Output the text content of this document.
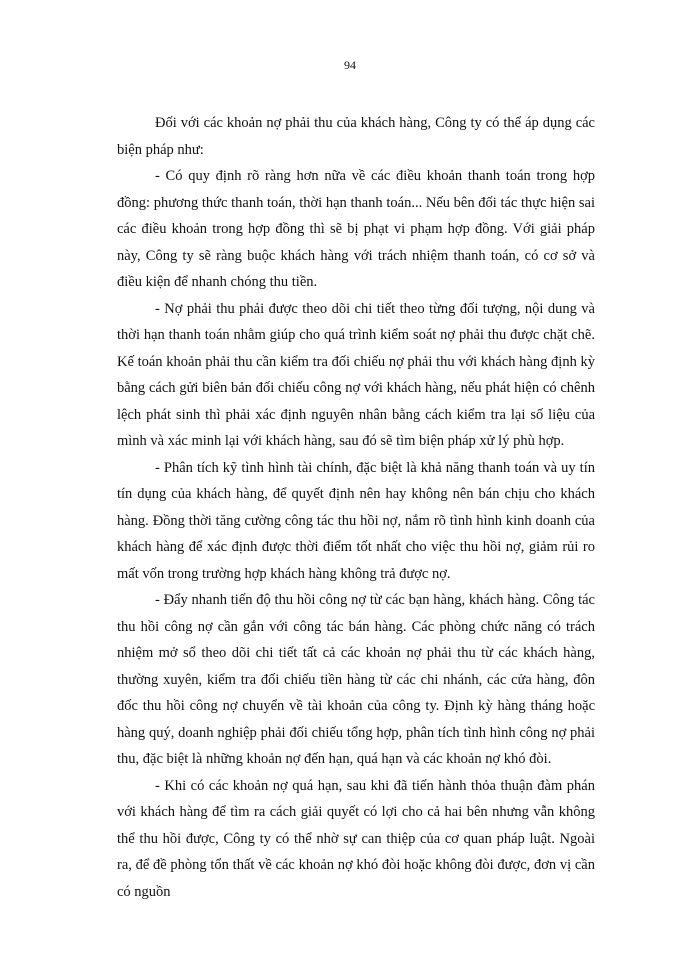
94

Đối với các khoản nợ phải thu của khách hàng, Công ty có thể áp dụng các biện pháp như:

- Có quy định rõ ràng hơn nữa về các điều khoản thanh toán trong hợp đồng: phương thức thanh toán, thời hạn thanh toán... Nếu bên đối tác thực hiện sai các điều khoản trong hợp đồng thì sẽ bị phạt vi phạm hợp đồng. Với giải pháp này, Công ty sẽ ràng buộc khách hàng với trách nhiệm thanh toán, có cơ sở và điều kiện để nhanh chóng thu tiền.

- Nợ phải thu phải được theo dõi chi tiết theo từng đối tượng, nội dung và thời hạn thanh toán nhằm giúp cho quá trình kiểm soát nợ phải thu được chặt chẽ. Kế toán khoản phải thu cần kiểm tra đối chiếu nợ phải thu với khách hàng định kỳ bằng cách gửi biên bản đối chiếu công nợ với khách hàng, nếu phát hiện có chênh lệch phát sinh thì phải xác định nguyên nhân bằng cách kiểm tra lại số liệu của mình và xác minh lại với khách hàng, sau đó sẽ tìm biện pháp xử lý phù hợp.

- Phân tích kỹ tình hình tài chính, đặc biệt là khả năng thanh toán và uy tín tín dụng của khách hàng, để quyết định nên hay không nên bán chịu cho khách hàng. Đồng thời tăng cường công tác thu hồi nợ, nắm rõ tình hình kinh doanh của khách hàng để xác định được thời điểm tốt nhất cho việc thu hồi nợ, giảm rủi ro mất vốn trong trường hợp khách hàng không trả được nợ.

- Đẩy nhanh tiến độ thu hồi công nợ từ các bạn hàng, khách hàng. Công tác thu hồi công nợ cần gắn với công tác bán hàng. Các phòng chức năng có trách nhiệm mở sổ theo dõi chi tiết tất cả các khoản nợ phải thu từ các khách hàng, thường xuyên, kiểm tra đối chiếu tiền hàng từ các chi nhánh, các cửa hàng, đôn đốc thu hồi công nợ chuyển về tài khoản của công ty. Định kỳ hàng tháng hoặc hàng quý, doanh nghiệp phải đối chiếu tổng hợp, phân tích tình hình công nợ phải thu, đặc biệt là những khoản nợ đến hạn, quá hạn và các khoản nợ khó đòi.

- Khi có các khoản nợ quá hạn, sau khi đã tiến hành thỏa thuận đàm phán với khách hàng để tìm ra cách giải quyết có lợi cho cả hai bên nhưng vẫn không thể thu hồi được, Công ty có thể nhờ sự can thiệp của cơ quan pháp luật. Ngoài ra, để đề phòng tổn thất về các khoản nợ khó đòi hoặc không đòi được, đơn vị cần có nguồn
